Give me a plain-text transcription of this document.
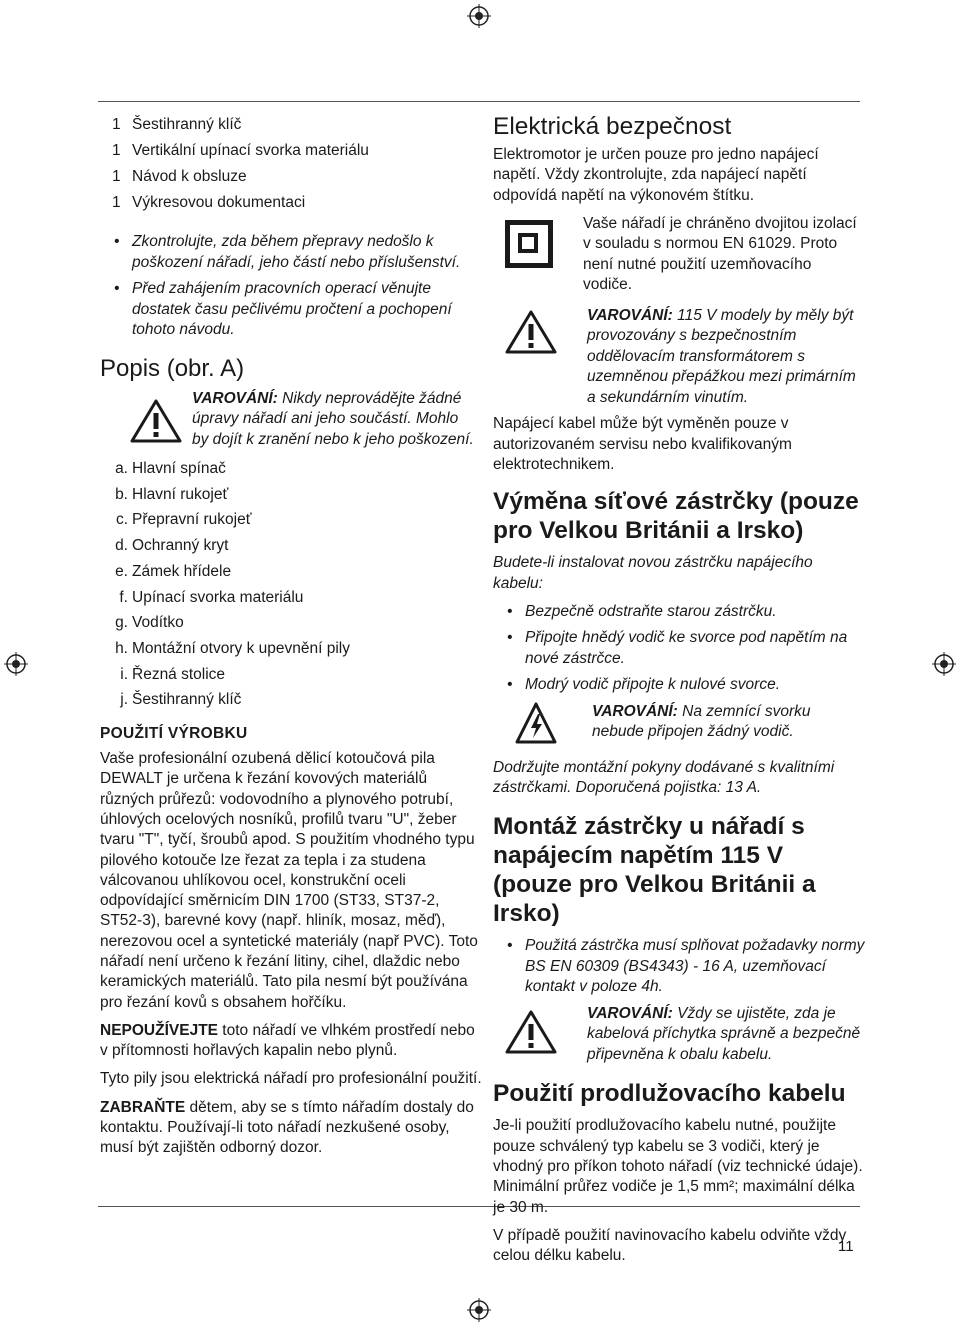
11
1 Šestihranný klíč
1 Vertikální upínací svorka materiálu
1 Návod k obsluze
1 Výkresovou dokumentaci
• Zkontrolujte, zda během přepravy nedošlo k poškození nářadí, jeho částí nebo příslušenství.
• Před zahájením pracovních operací věnujte dostatek času pečlivému pročtení a pochopení tohoto návodu.
Popis (obr. A)
VAROVÁNÍ: Nikdy neprovádějte žádné úpravy nářadí ani jeho součástí. Mohlo by dojít k zranění nebo k jeho poškození.
a. Hlavní spínač
b. Hlavní rukojeť
c. Přepravní rukojeť
d. Ochranný kryt
e. Zámek hřídele
f. Upínací svorka materiálu
g. Vodítko
h. Montážní otvory k upevnění pily
i. Řezná stolice
j. Šestihranný klíč
POUŽITÍ VÝROBKU

Vaše profesionální ozubená dělicí kotoučová pila DEWALT je určena k řezání kovových materiálů různých průřezů: vodovodního a plynového potrubí, úhlových ocelových nosníků, profilů tvaru "U", žeber tvaru "T", tyčí, šroubů apod. S použitím vhodného typu pilového kotouče lze řezat za tepla i za studena válcovanou uhlíkovou ocel, konstrukční oceli odpovídající směrnicím DIN 1700 (ST33, ST37-2, ST52-3), barevné kovy (např. hliník, mosaz, měď), nerezovou ocel a syntetické materiály (např PVC). Toto nářadí není určeno k řezání litiny, cihel, dlaždic nebo keramických materiálů. Tato pila nesmí být používána pro řezání kovů s obsahem hořčíku.

NEPOUŽÍVEJTE toto nářadí ve vlhkém prostředí nebo v přítomnosti hořlavých kapalin nebo plynů.

Tyto pily jsou elektrická nářadí pro profesionální použití.

ZABRAŇTE dětem, aby se s tímto nářadím dostaly do kontaktu. Používají-li toto nářadí nezkušené osoby, musí být zajištěn odborný dozor.

Elektrická bezpečnost

Elektromotor je určen pouze pro jedno napájecí napětí. Vždy zkontrolujte, zda napájecí napětí odpovídá napětí na výkonovém štítku.

Vaše nářadí je chráněno dvojitou izolací v souladu s normou EN 61029. Proto není nutné použití uzemňovacího vodiče.
VAROVÁNÍ: 115 V modely by měly být provozovány s bezpečnostním oddělovacím transformátorem s uzemněnou přepážkou mezi primárním a sekundárním vinutím.

Napájecí kabel může být vyměněn pouze v autorizovaném servisu nebo kvalifikovaným elektrotechnikem.

Výměna síťové zástrčky (pouze pro Velkou Británii a Irsko)

Budete-li instalovat novou zástrčku napájecího kabelu:

• Bezpečně odstraňte starou zástrčku.
• Připojte hnědý vodič ke svorce pod napětím na nové zástrčce.
• Modrý vodič připojte k nulové svorce.
VAROVÁNÍ: Na zemnící svorku nebude připojen žádný vodič.

Dodržujte montážní pokyny dodávané s kvalitními zástrčkami. Doporučená pojistka: 13 A.

Montáž zástrčky u nářadí s napájecím napětím 115 V (pouze pro Velkou Británii a Irsko)
• Použitá zástrčka musí splňovat požadavky normy BS EN 60309 (BS4343) - 16 A, uzemňovací kontakt v poloze 4h.
VAROVÁNÍ: Vždy se ujistěte, zda je kabelová příchytka správně a bezpečně připevněna k obalu kabelu.
Použití prodlužovacího kabelu

Je-li použití prodlužovacího kabelu nutné, použijte pouze schválený typ kabelu se 3 vodiči, který je vhodný pro příkon tohoto nářadí (viz technické údaje). Minimální průřez vodiče je 1,5 mm²; maximální délka je 30 m.

V případě použití navinovacího kabelu odviňte vždy celou délku kabelu.
